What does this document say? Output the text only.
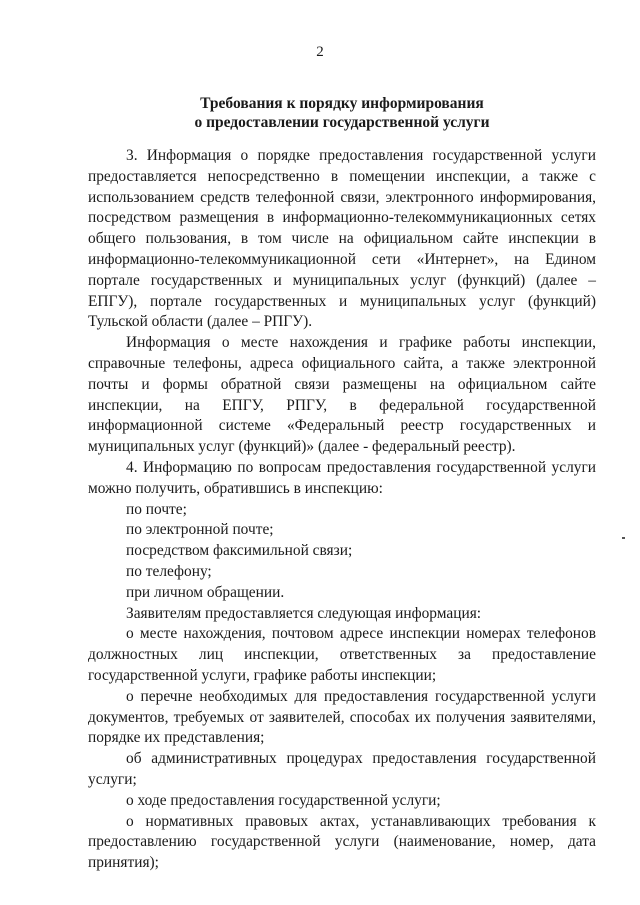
2
Требования к порядку информирования
о предоставлении государственной услуги

3. Информация о порядке предоставления государственной услуги предоставляется непосредственно в помещении инспекции, а также с использованием средств телефонной связи, электронного информирования, посредством размещения в информационно-телекоммуникационных сетях общего пользования, в том числе на официальном сайте инспекции в информационно-телекоммуникационной сети «Интернет», на Едином портале государственных и муниципальных услуг (функций) (далее – ЕПГУ), портале государственных и муниципальных услуг (функций) Тульской области (далее – РПГУ).

Информация о месте нахождения и графике работы инспекции, справочные телефоны, адреса официального сайта, а также электронной почты и формы обратной связи размещены на официальном сайте инспекции, на ЕПГУ, РПГУ, в федеральной государственной информационной системе «Федеральный реестр государственных и муниципальных услуг (функций)» (далее - федеральный реестр).

4. Информацию по вопросам предоставления государственной услуги можно получить, обратившись в инспекцию:

по почте;

по электронной почте;

посредством факсимильной связи;

по телефону;

при личном обращении.

Заявителям предоставляется следующая информация:

о месте нахождения, почтовом адресе инспекции номерах телефонов должностных лиц инспекции, ответственных за предоставление государственной услуги, графике работы инспекции;

о перечне необходимых для предоставления государственной услуги документов, требуемых от заявителей, способах их получения заявителями, порядке их представления;

об административных процедурах предоставления государственной услуги;

о ходе предоставления государственной услуги;

о нормативных правовых актах, устанавливающих требования к предоставлению государственной услуги (наименование, номер, дата принятия);
